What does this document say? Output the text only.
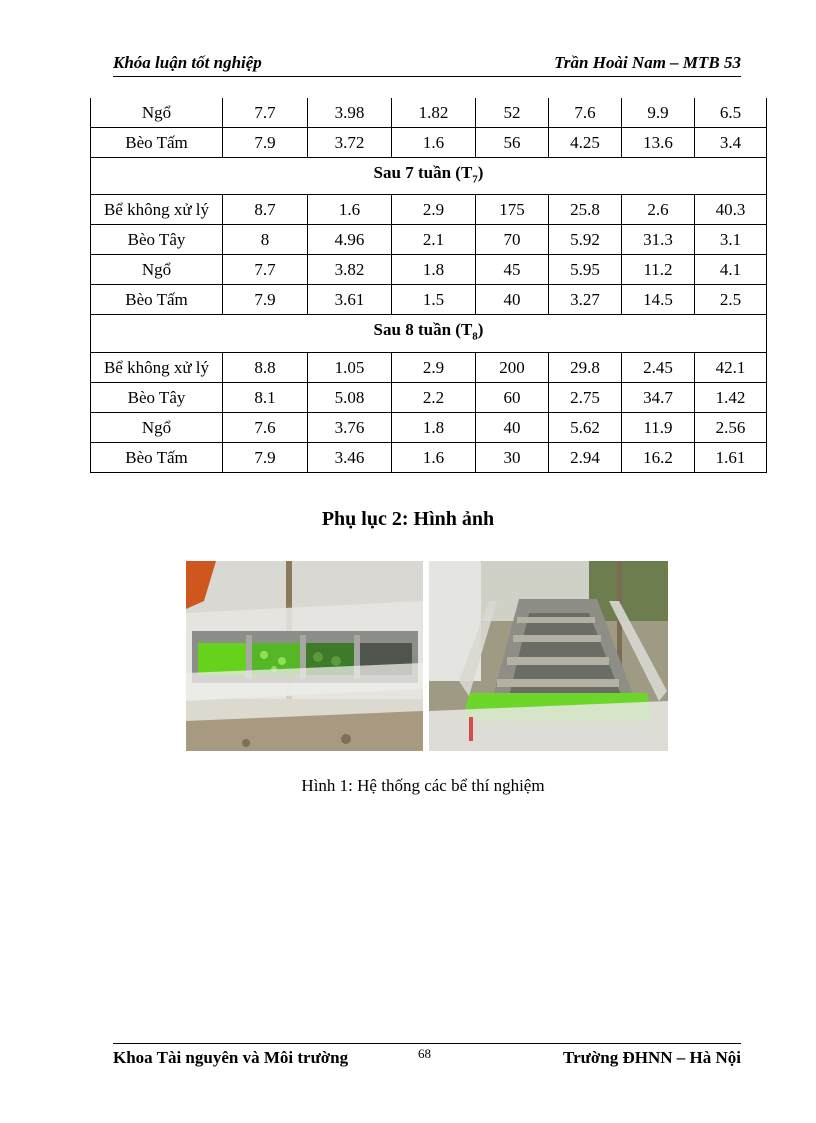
Khóa luận tốt nghiệp	Trần Hoài Nam – MTB 53
Ngổ	7.7	3.98	1.82	52	7.6	9.9	6.5
Bèo Tấm	7.9	3.72	1.6	56	4.25	13.6	3.4
Sau 7 tuần $(T_7)$							
Bể không xử lý	8.7	1.6	2.9	175	25.8	2.6	40.3
Bèo Tây	8	4.96	2.1	70	5.92	31.3	3.1
Ngổ	7.7	3.82	1.8	45	5.95	11.2	4.1
Bèo Tấm	7.9	3.61	1.5	40	3.27	14.5	2.5
Sau 8 tuần $(T_8)$							
Bể không xử lý	8.8	1.05	2.9	200	29.8	2.45	42.1
Bèo Tây	8.1	5.08	2.2	60	2.75	34.7	1.42
Ngổ	7.6	3.76	1.8	40	5.62	11.9	2.56
Bèo Tấm	7.9	3.46	1.6	30	2.94	16.2	1.61
Phụ lục 2: Hình ảnh
Hình 1: Hệ thống các bể thí nghiệm
Khoa Tài nguyên và Môi trường	68	Trường ĐHNN – Hà Nội
